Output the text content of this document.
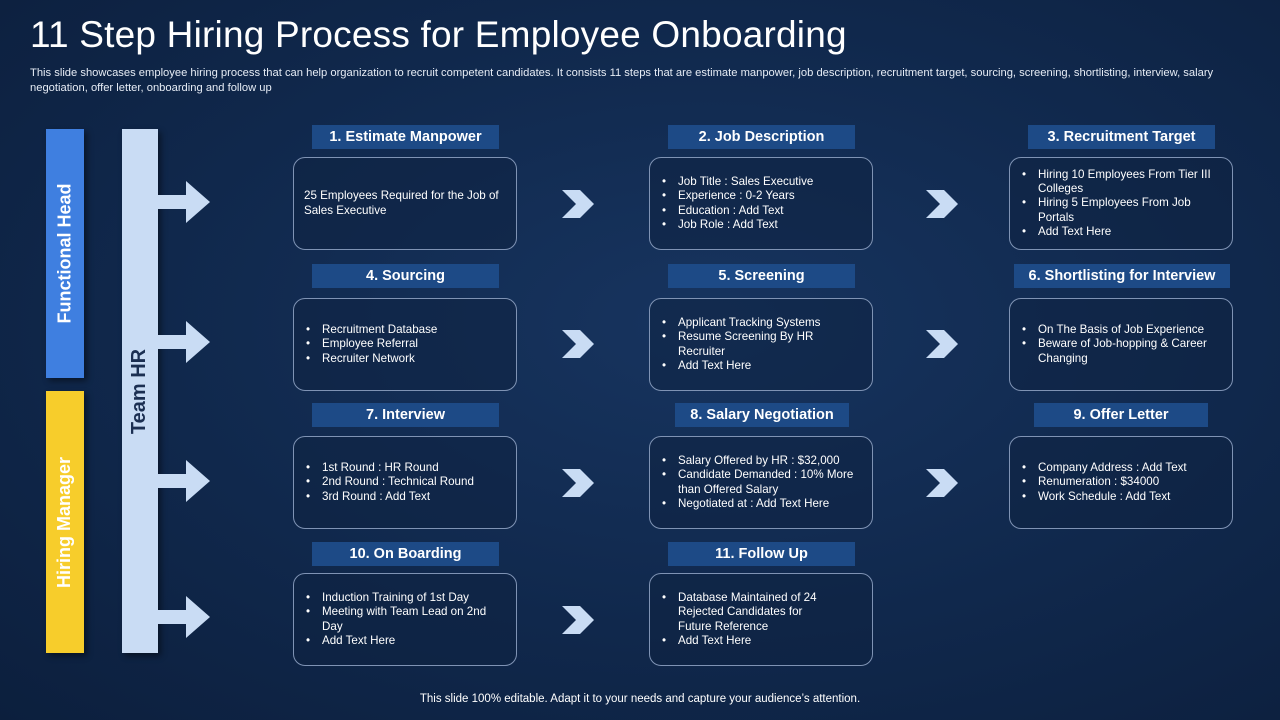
11 Step Hiring Process for Employee Onboarding
This slide showcases employee hiring process that can help organization to recruit competent candidates. It consists 11 steps that are estimate manpower, job description, recruitment target, sourcing, screening, shortlisting, interview, salary negotiation, offer letter, onboarding and follow up
Functional Head
Hiring Manager
Team HR
1. Estimate Manpower

25 Employees Required for the Job of Sales Executive

2. Job Description
• Job Title : Sales Executive
• Experience : 0-2 Years
• Education : Add Text
• Job Role : Add Text
3. Recruitment Target
• Hiring 10 Employees From Tier III Colleges
• Hiring 5 Employees From Job Portals
• Add Text Here
4. Sourcing
• Recruitment Database
• Employee Referral
• Recruiter Network
5. Screening
• Applicant Tracking Systems
• Resume Screening By HR Recruiter
• Add Text Here
6. Shortlisting for Interview
• On The Basis of Job Experience
• Beware of Job-hopping & Career Changing
7. Interview
• 1st Round : HR Round
• 2nd Round : Technical Round
• 3rd Round : Add Text
8. Salary Negotiation
• Salary Offered by HR : $32,000
• Candidate Demanded : 10% More than Offered Salary
• Negotiated at : Add Text Here
9. Offer Letter
• Company Address : Add Text
• Renumeration : $34000
• Work Schedule : Add Text
10. On Boarding
• Induction Training of 1st Day
• Meeting with Team Lead on 2nd Day
• Add Text Here
11. Follow Up
• Database Maintained of 24 Rejected Candidates for Future Reference
• Add Text Here
This slide 100% editable. Adapt it to your needs and capture your audience’s attention.
